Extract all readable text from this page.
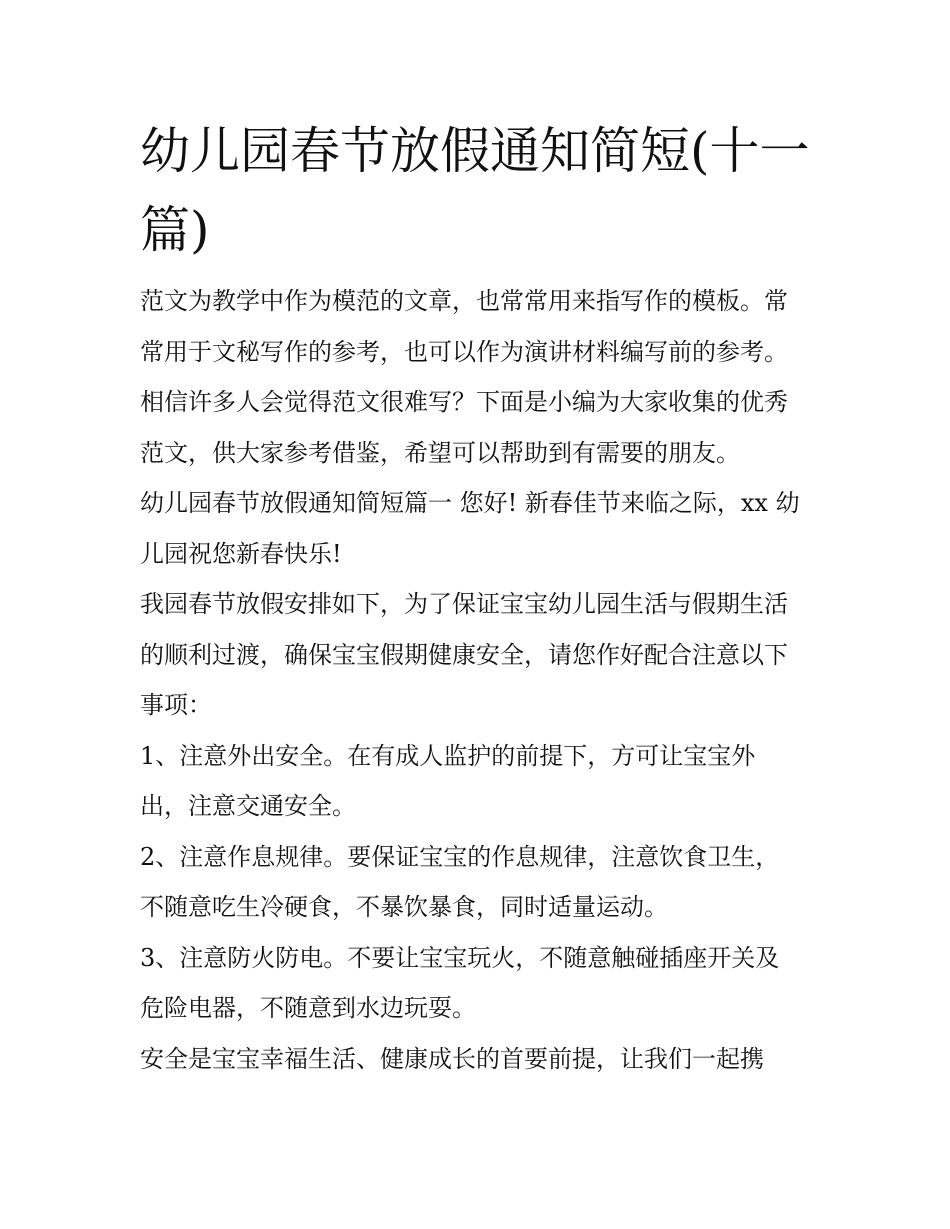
幼儿园春节放假通知简短(十一
篇)

范文为教学中作为模范的文章，也常常用来指写作的模板。常
常用于文秘写作的参考，也可以作为演讲材料编写前的参考。
相信许多人会觉得范文很难写？下面是小编为大家收集的优秀
范文，供大家参考借鉴，希望可以帮助到有需要的朋友。

幼儿园春节放假通知简短篇一 您好! 新春佳节来临之际，xx 幼
儿园祝您新春快乐!

我园春节放假安排如下，为了保证宝宝幼儿园生活与假期生活
的顺利过渡，确保宝宝假期健康安全，请您作好配合注意以下
事项：

1、注意外出安全。在有成人监护的前提下，方可让宝宝外
出，注意交通安全。

2、注意作息规律。要保证宝宝的作息规律，注意饮食卫生，
不随意吃生冷硬食，不暴饮暴食，同时适量运动。

3、注意防火防电。不要让宝宝玩火，不随意触碰插座开关及
危险电器，不随意到水边玩耍。

安全是宝宝幸福生活、健康成长的首要前提，让我们一起携
